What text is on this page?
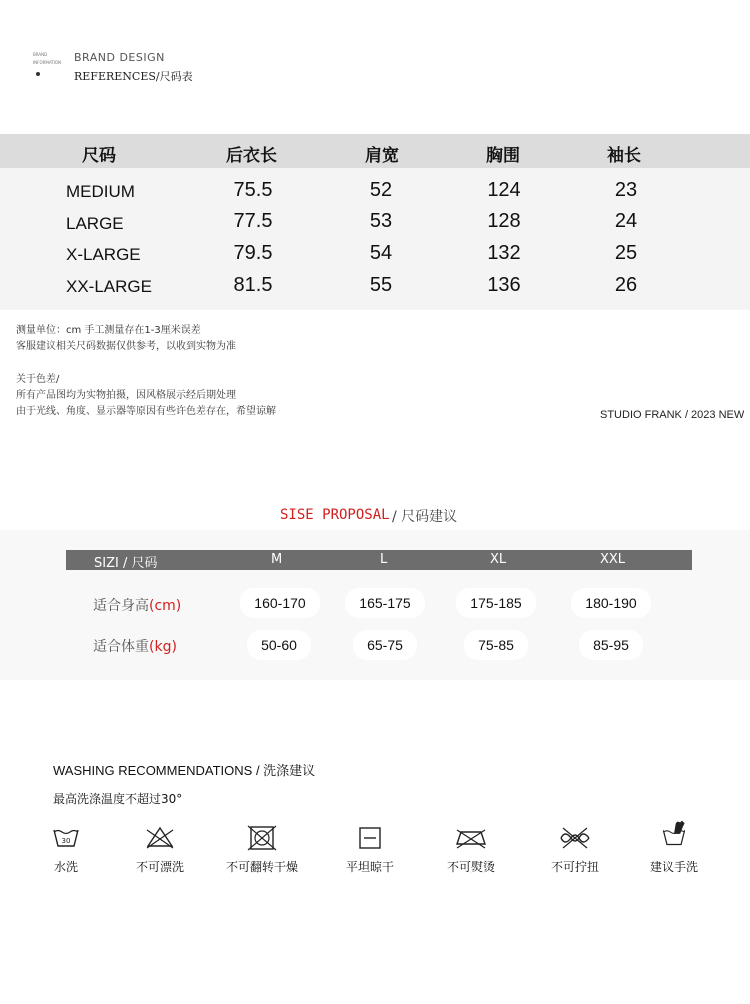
BRAND
INFORMATION BRAND DESIGN
REFERENCES/尺码表
尺码	后衣长	肩宽	胸围	袖长
MEDIUM	75.5	52	124	23
LARGE	77.5	53	128	24
X-LARGE	79.5	54	132	25
XX-LARGE	81.5	55	136	26
测量单位：cm 手工测量存在1-3厘米误差
客服建议相关尺码数据仅供参考，以收到实物为准
关于色差/
所有产品图均为实物拍摄，因风格展示经后期处理
由于光线、角度、显示器等原因有些许色差存在，希望谅解	STUDIO FRANK / 2023 NEW
SISE PROPOSAL / 尺码建议
SIZI / 尺码	M	L	XL	XXL
适合身高(cm)	160-170	165-175	175-185	180-190
适合体重(kg)	50-60	65-75	75-85	85-95
WASHING RECOMMENDATIONS / 洗涤建议
最高洗涤温度不超过30°
30
水洗	不可漂洗	不可翻转干燥	平坦晾干	不可熨烫	不可拧扭	建议手洗
